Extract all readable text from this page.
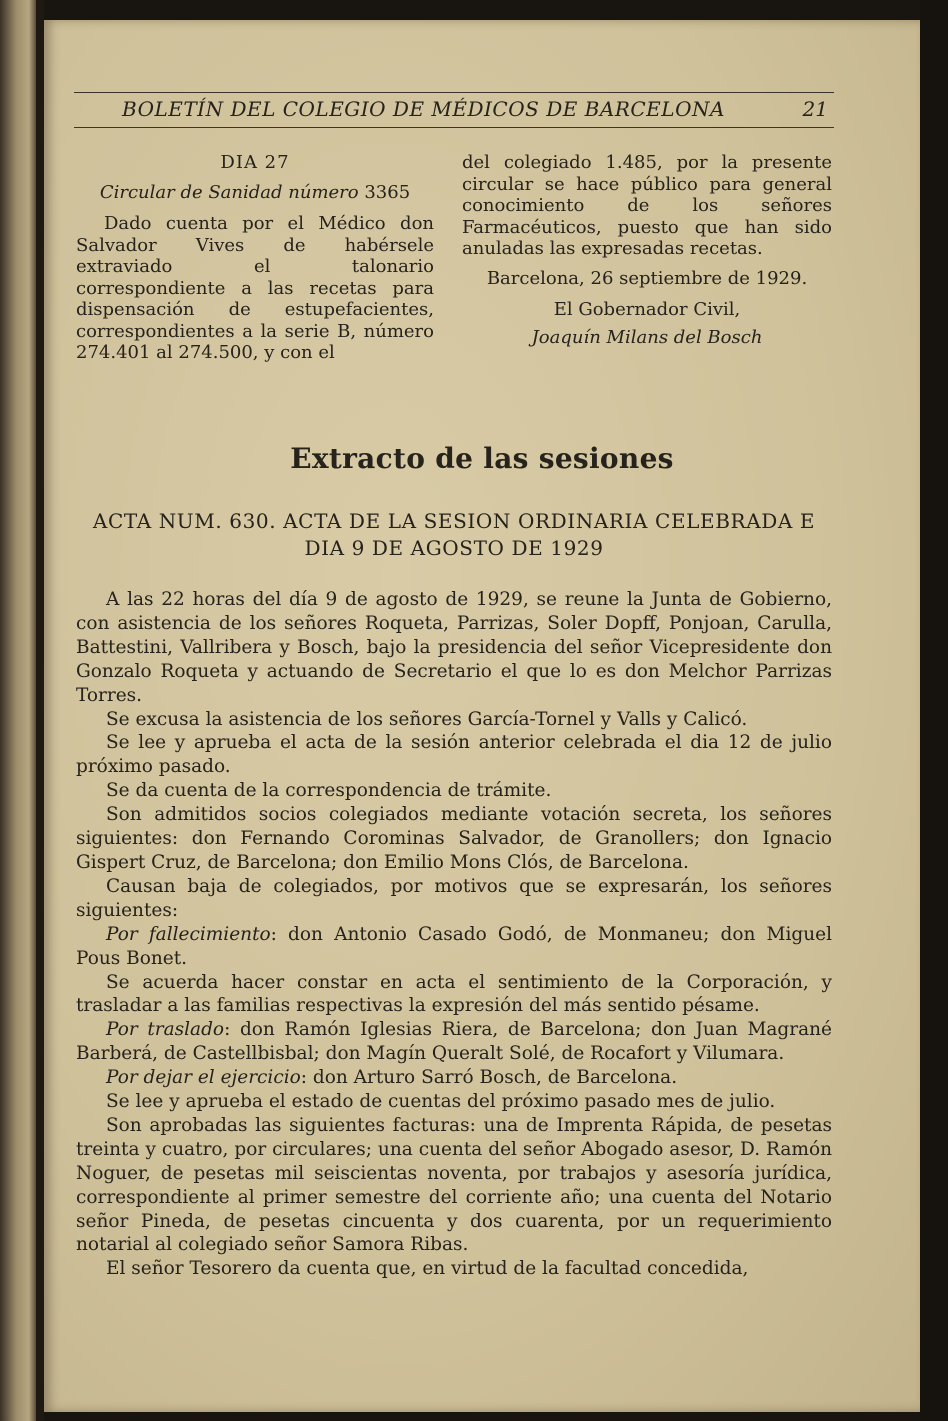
BOLETÍN DEL COLEGIO DE MÉDICOS DE BARCELONA	21
DIA 27
Circular de Sanidad número 3365

Dado cuenta por el Médico don Salvador Vives de habérsele extraviado el talonario correspondiente a las recetas para dispensación de estupefacientes, correspondientes a la serie B, número 274.401 al 274.500, y con el

del colegiado 1.485, por la presente circular se hace público para general conocimiento de los señores Farmacéuticos, puesto que han sido anuladas las expresadas recetas.

Barcelona, 26 septiembre de 1929.

El Gobernador Civil,

Joaquín Milans del Bosch

Extracto de las sesiones
ACTA NUM. 630. ACTA DE LA SESION ORDINARIA CELEBRADA E DIA 9 DE AGOSTO DE 1929

A las 22 horas del día 9 de agosto de 1929, se reune la Junta de Gobierno, con asistencia de los señores Roqueta, Parrizas, Soler Dopff, Ponjoan, Carulla, Battestini, Vallribera y Bosch, bajo la presidencia del señor Vicepresidente don Gonzalo Roqueta y actuando de Secretario el que lo es don Melchor Parrizas Torres.

Se excusa la asistencia de los señores García-Tornel y Valls y Calicó.

Se lee y aprueba el acta de la sesión anterior celebrada el dia 12 de julio próximo pasado.

Se da cuenta de la correspondencia de trámite.

Son admitidos socios colegiados mediante votación secreta, los señores siguientes: don Fernando Corominas Salvador, de Granollers; don Ignacio Gispert Cruz, de Barcelona; don Emilio Mons Clós, de Barcelona.

Causan baja de colegiados, por motivos que se expresarán, los señores siguientes:

Por fallecimiento: don Antonio Casado Godó, de Monmaneu; don Miguel Pous Bonet.

Se acuerda hacer constar en acta el sentimiento de la Corporación, y trasladar a las familias respectivas la expresión del más sentido pésame.

Por traslado: don Ramón Iglesias Riera, de Barcelona; don Juan Magrané Barberá, de Castellbisbal; don Magín Queralt Solé, de Rocafort y Vilumara.

Por dejar el ejercicio: don Arturo Sarró Bosch, de Barcelona.

Se lee y aprueba el estado de cuentas del próximo pasado mes de julio.

Son aprobadas las siguientes facturas: una de Imprenta Rápida, de pesetas treinta y cuatro, por circulares; una cuenta del señor Abogado asesor, D. Ramón Noguer, de pesetas mil seiscientas noventa, por trabajos y asesoría jurídica, correspondiente al primer semestre del corriente año; una cuenta del Notario señor Pineda, de pesetas cincuenta y dos cuarenta, por un requerimiento notarial al colegiado señor Samora Ribas.

El señor Tesorero da cuenta que, en virtud de la facultad concedida,
